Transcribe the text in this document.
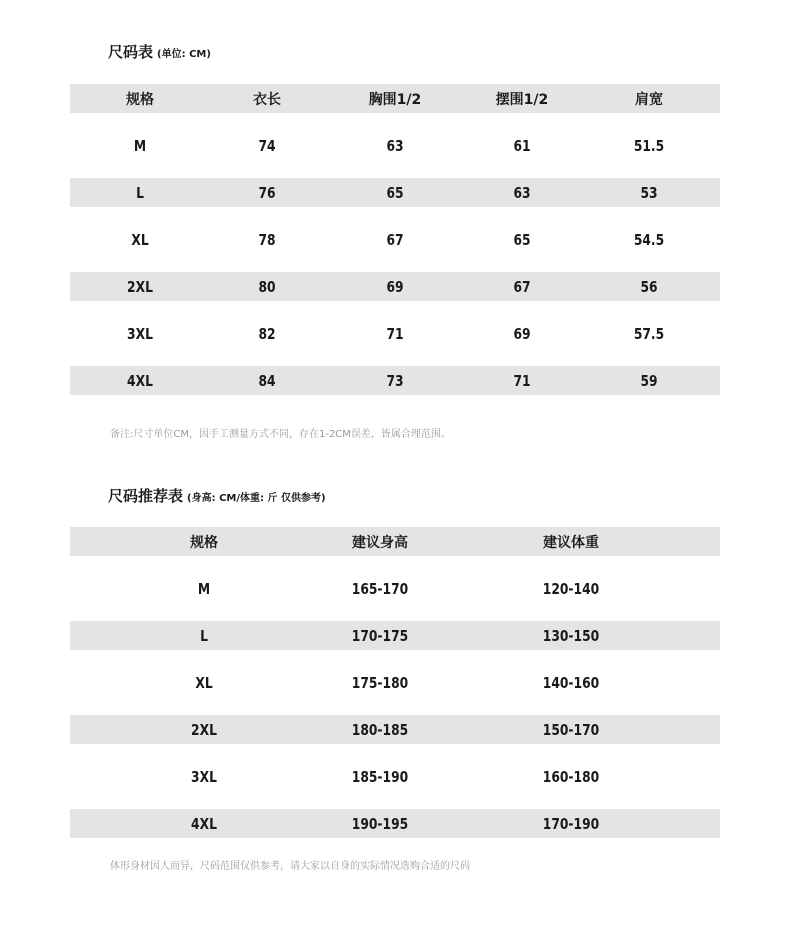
尺码表 (单位: CM)
规格	衣长	胸围1/2	摆围1/2	肩宽
M	74	63	61	51.5
L	76	65	63	53
XL	78	67	65	54.5
2XL	80	69	67	56
3XL	82	71	69	57.5
4XL	84	73	71	59
备注:尺寸单位CM，因手工测量方式不同，存在1-2CM误差，皆属合理范围。
尺码推荐表 (身高: CM/体重: 斤 仅供参考)
规格	建议身高	建议体重
M	165-170	120-140
L	170-175	130-150
XL	175-180	140-160
2XL	180-185	150-170
3XL	185-190	160-180
4XL	190-195	170-190
体形身材因人而异，尺码范围仅供参考，请大家以自身的实际情况选购合适的尺码
